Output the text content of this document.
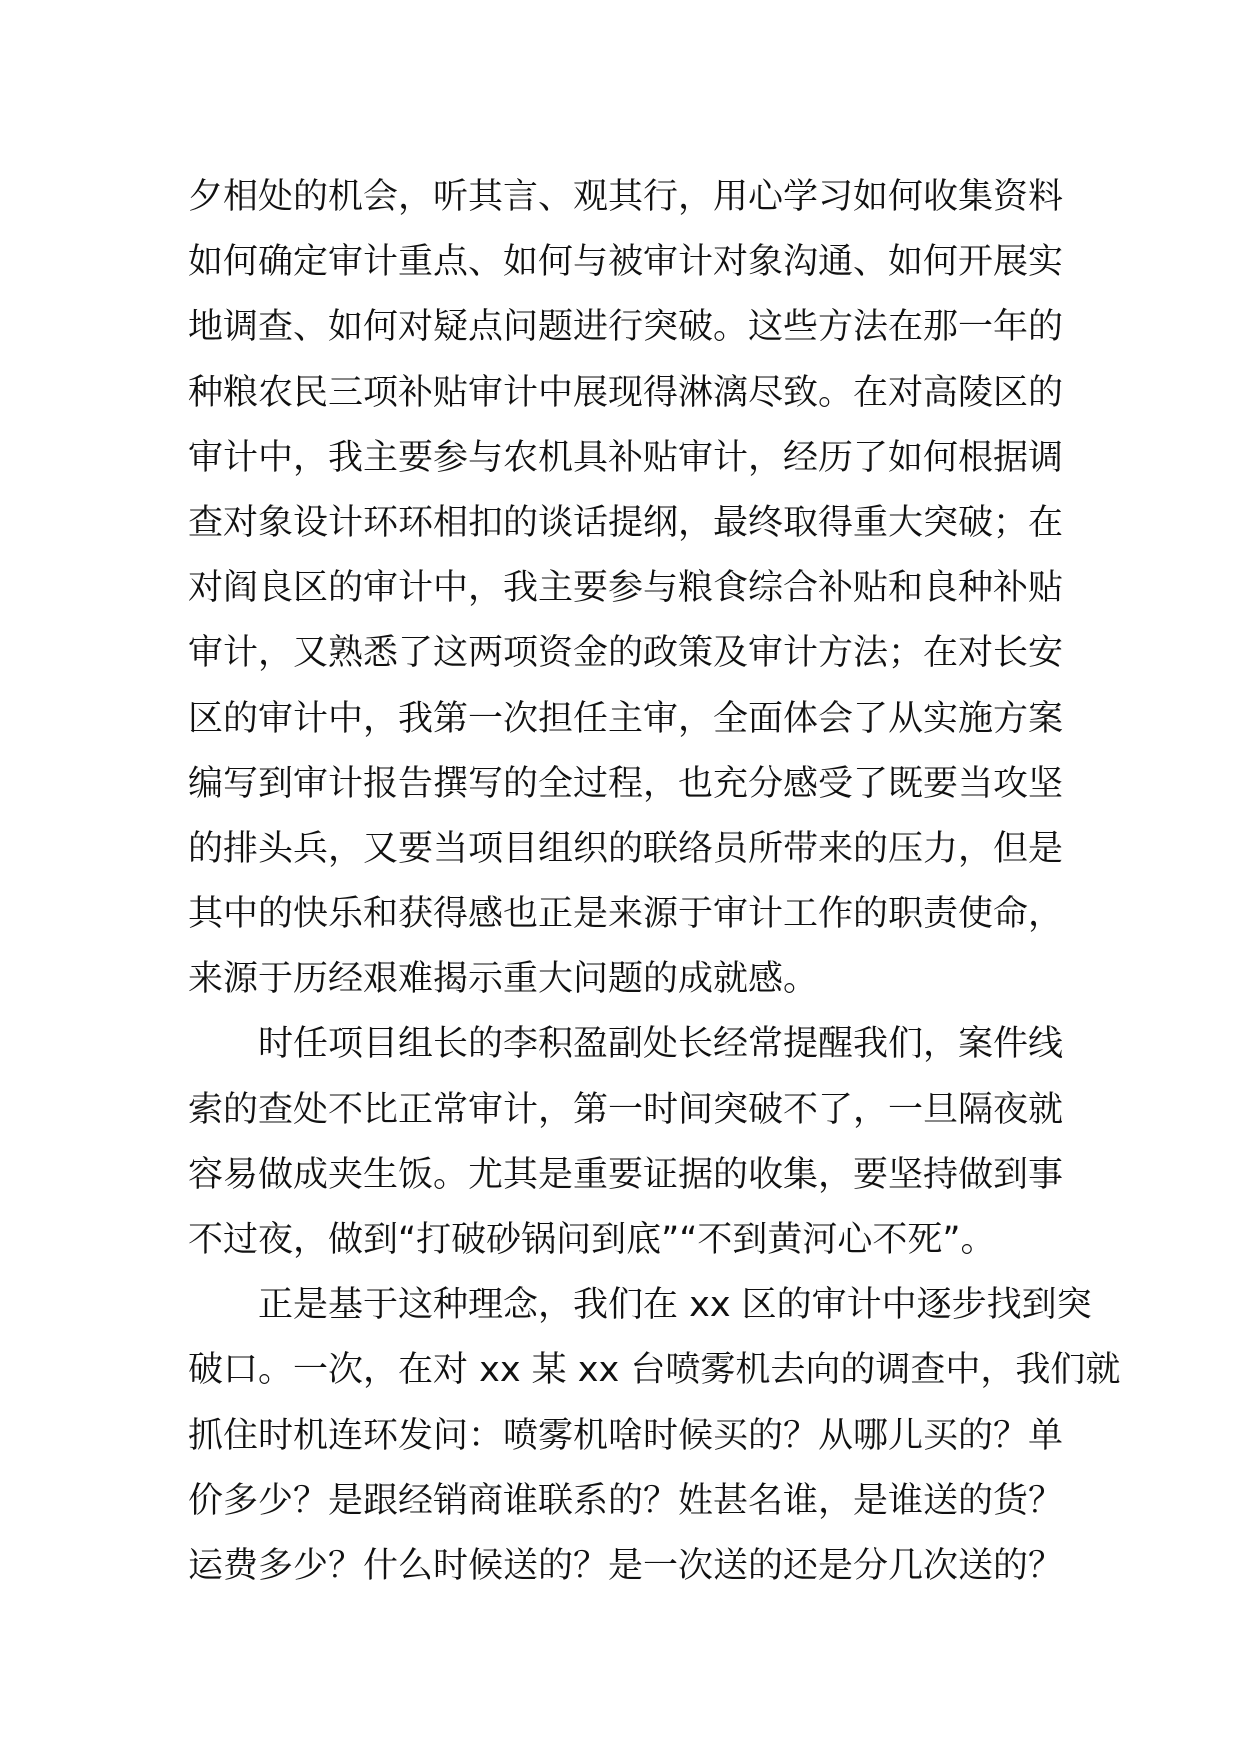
夕相处的机会，听其言、观其行，用心学习如何收集资料
如何确定审计重点、如何与被审计对象沟通、如何开展实
地调查、如何对疑点问题进行突破。这些方法在那一年的
种粮农民三项补贴审计中展现得淋漓尽致。在对高陵区的
审计中，我主要参与农机具补贴审计，经历了如何根据调
查对象设计环环相扣的谈话提纲，最终取得重大突破；在
对阎良区的审计中，我主要参与粮食综合补贴和良种补贴
审计，又熟悉了这两项资金的政策及审计方法；在对长安
区的审计中，我第一次担任主审，全面体会了从实施方案
编写到审计报告撰写的全过程，也充分感受了既要当攻坚
的排头兵，又要当项目组织的联络员所带来的压力，但是
其中的快乐和获得感也正是来源于审计工作的职责使命，
来源于历经艰难揭示重大问题的成就感。
时任项目组长的李积盈副处长经常提醒我们，案件线
索的查处不比正常审计，第一时间突破不了，一旦隔夜就
容易做成夹生饭。尤其是重要证据的收集，要坚持做到事
不过夜，做到“打破砂锅问到底”“不到黄河心不死”。
正是基于这种理念，我们在 xx 区的审计中逐步找到突
破口。一次，在对 xx 某 xx 台喷雾机去向的调查中，我们就
抓住时机连环发问：喷雾机啥时候买的？从哪儿买的？单
价多少？是跟经销商谁联系的？姓甚名谁，是谁送的货？
运费多少？什么时候送的？是一次送的还是分几次送的？
